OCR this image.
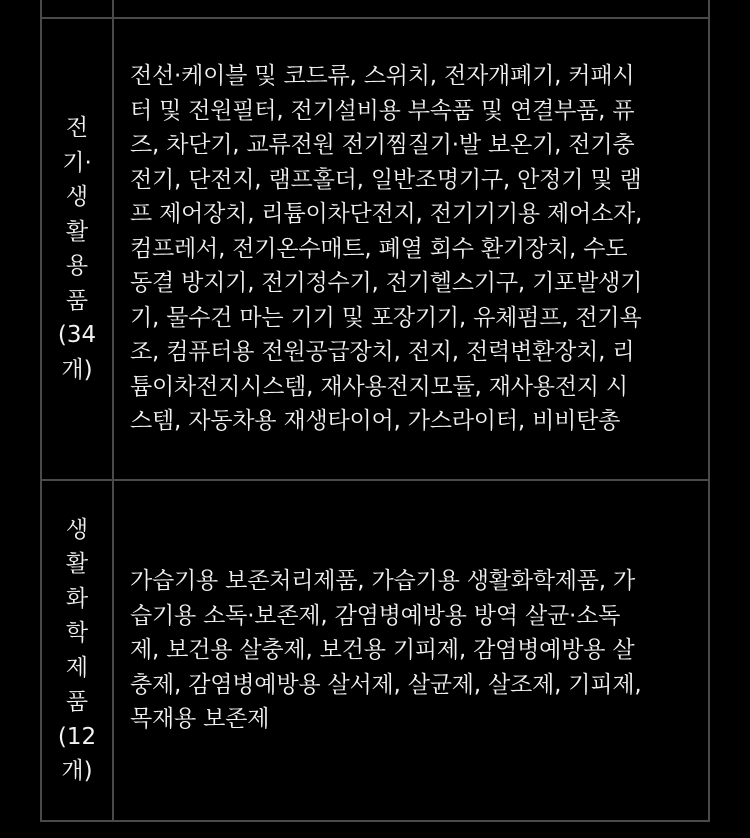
전
기·
생
활
용
품
(34
개)
전선·케이블 및 코드류, 스위치, 전자개폐기, 커패시
터 및 전원필터, 전기설비용 부속품 및 연결부품, 퓨
즈, 차단기, 교류전원 전기찜질기·발 보온기, 전기충
전기, 단전지, 램프홀더, 일반조명기구, 안정기 및 램
프 제어장치, 리튬이차단전지, 전기기기용 제어소자,
컴프레서, 전기온수매트, 폐열 회수 환기장치, 수도
동결 방지기, 전기정수기, 전기헬스기구, 기포발생기
기, 물수건 마는 기기 및 포장기기, 유체펌프, 전기욕
조, 컴퓨터용 전원공급장치, 전지, 전력변환장치, 리
튬이차전지시스템, 재사용전지모듈, 재사용전지 시
스템, 자동차용 재생타이어, 가스라이터, 비비탄총
생
활
화
학
제
품
(12
개)
가습기용 보존처리제품, 가습기용 생활화학제품, 가
습기용 소독·보존제, 감염병예방용 방역 살균·소독
제, 보건용 살충제, 보건용 기피제, 감염병예방용 살
충제, 감염병예방용 살서제, 살균제, 살조제, 기피제,
목재용 보존제
